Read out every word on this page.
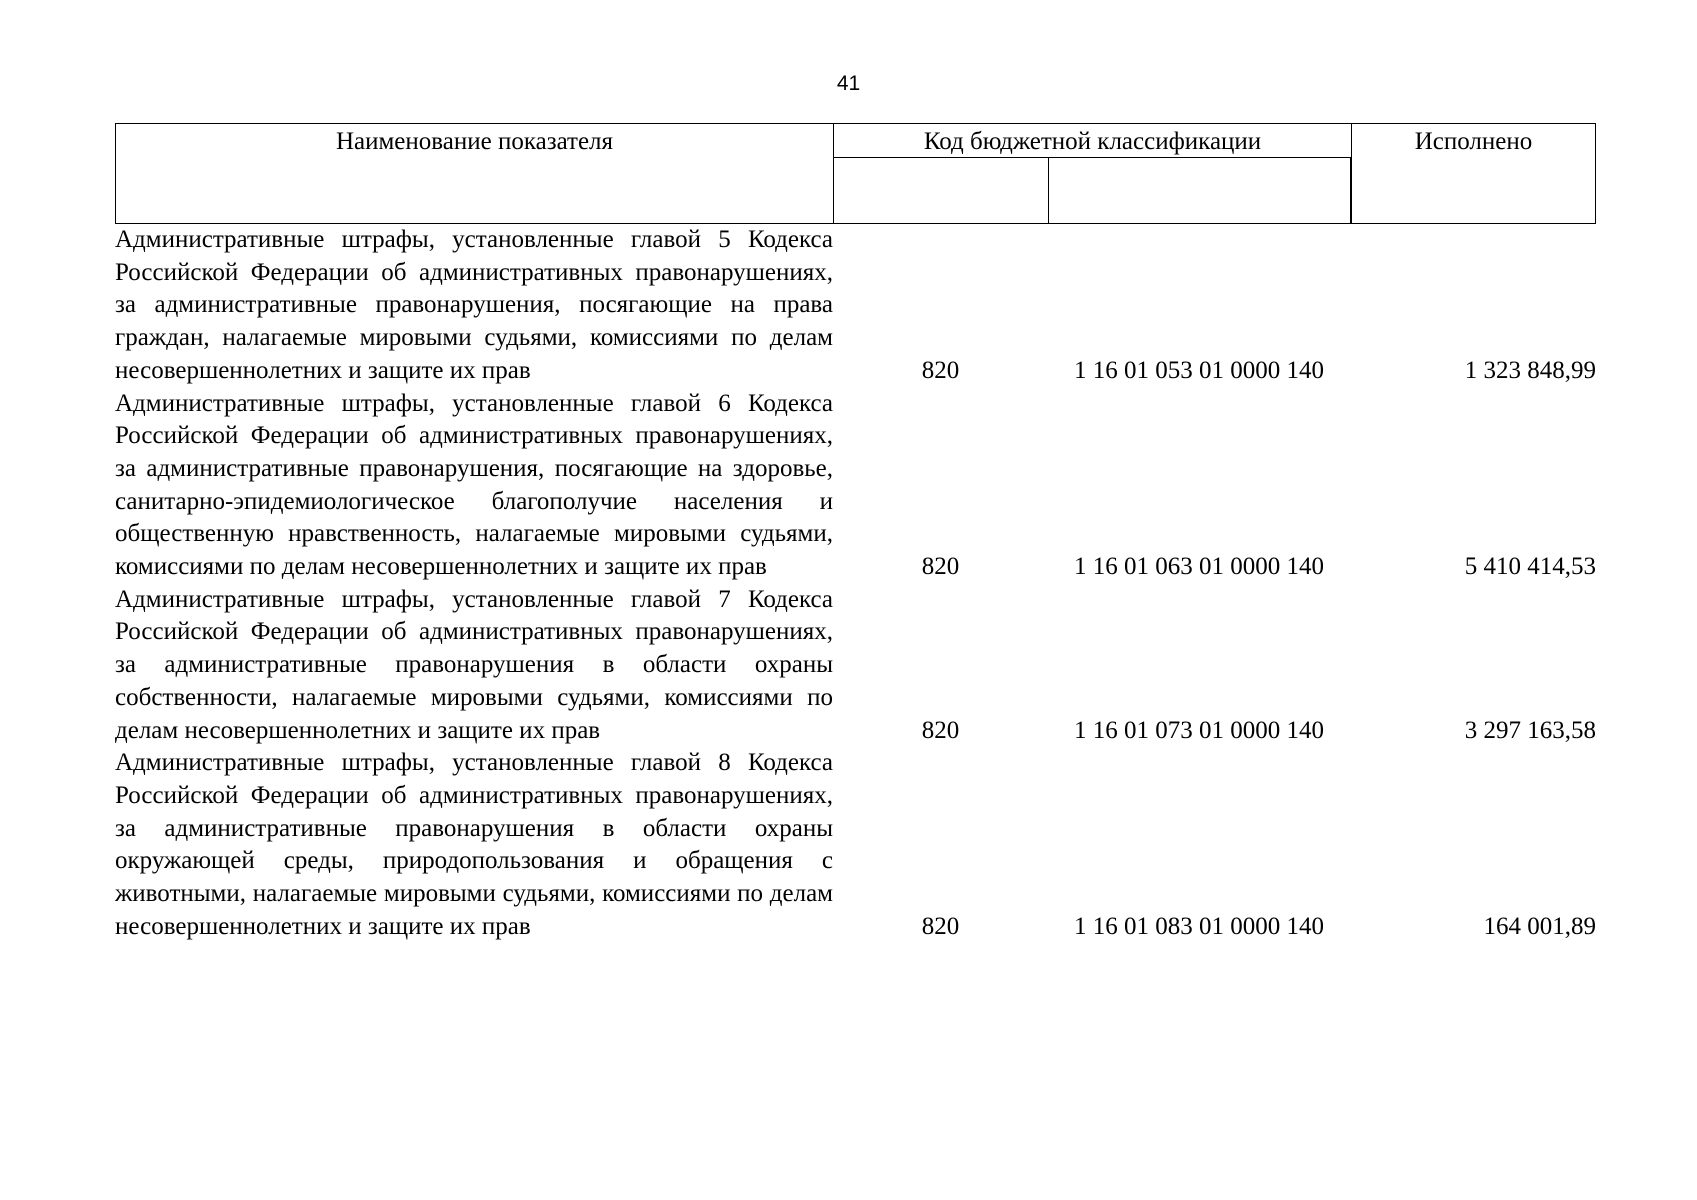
41
Наименование показателя	Код бюджетной классификации	Исполнено
Административные штрафы, установленные главой 5 Кодекса Российской Федерации об административных правонарушениях, за административные правонарушения, посягающие на права граждан, налагаемые мировыми судьями, комиссиями по делам несовершеннолетних и защите их прав	820	1 16 01 053 01 0000 140	1 323 848,99
Административные штрафы, установленные главой 6 Кодекса Российской Федерации об административных правонарушениях, за административные правонарушения, посягающие на здоровье, санитарно-эпидемиологическое благополучие населения и общественную нравственность, налагаемые мировыми судьями, комиссиями по делам несовершеннолетних и защите их прав	820	1 16 01 063 01 0000 140	5 410 414,53
Административные штрафы, установленные главой 7 Кодекса Российской Федерации об административных правонарушениях, за административные правонарушения в области охраны собственности, налагаемые мировыми судьями, комиссиями по делам несовершеннолетних и защите их прав	820	1 16 01 073 01 0000 140	3 297 163,58
Административные штрафы, установленные главой 8 Кодекса Российской Федерации об административных правонарушениях, за административные правонарушения в области охраны окружающей среды, природопользования и обращения с животными, налагаемые мировыми судьями, комиссиями по делам несовершеннолетних и защите их прав	820	1 16 01 083 01 0000 140	164 001,89
